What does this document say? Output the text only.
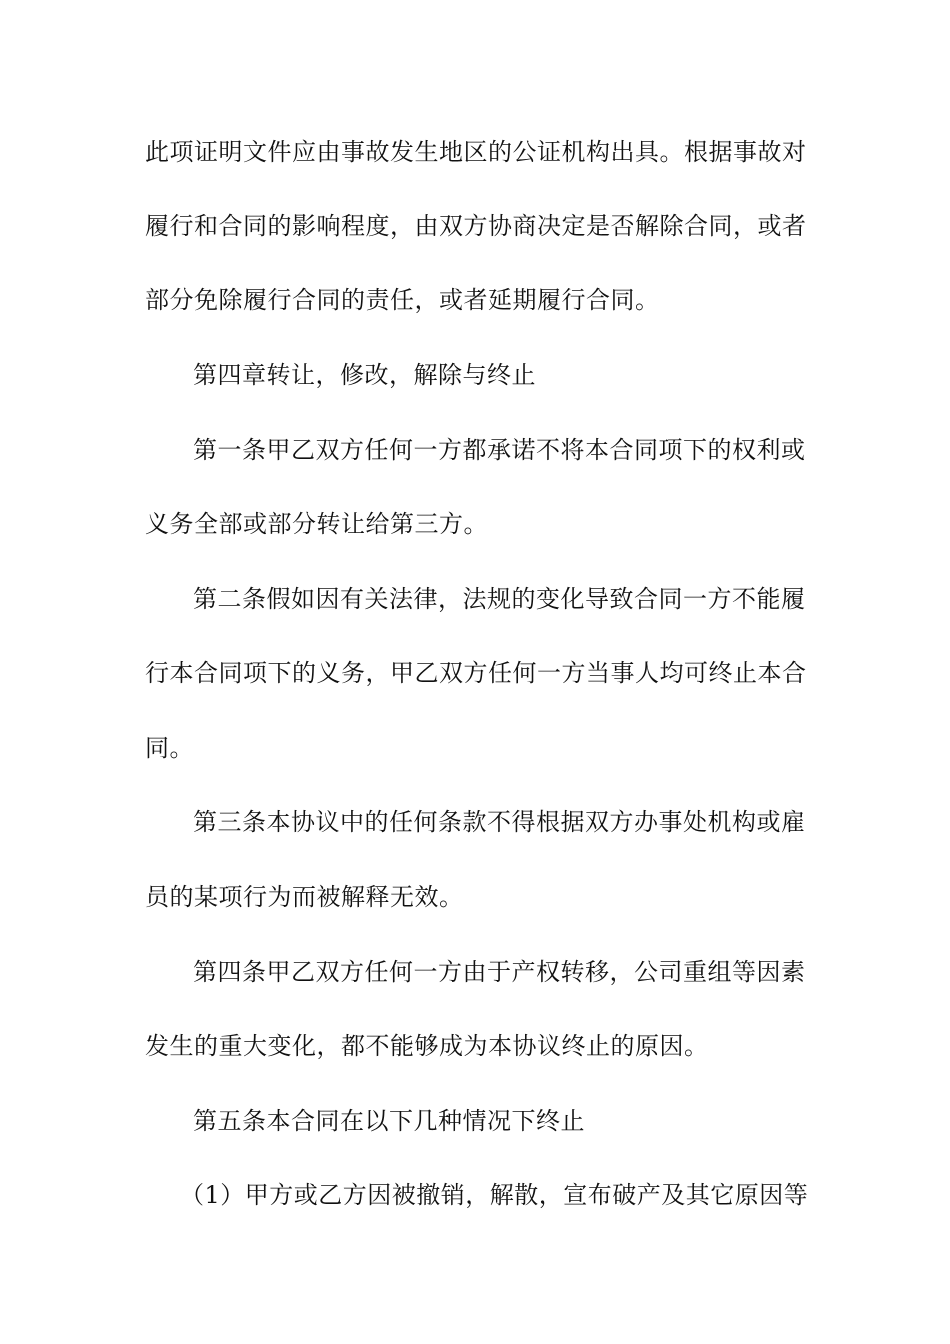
此项证明文件应由事故发生地区的公证机构出具。根据事故对
履行和合同的影响程度，由双方协商决定是否解除合同，或者
部分免除履行合同的责任，或者延期履行合同。
第四章转让，修改，解除与终止
第一条甲乙双方任何一方都承诺不将本合同项下的权利或
义务全部或部分转让给第三方。
第二条假如因有关法律，法规的变化导致合同一方不能履
行本合同项下的义务，甲乙双方任何一方当事人均可终止本合
同。
第三条本协议中的任何条款不得根据双方办事处机构或雇
员的某项行为而被解释无效。
第四条甲乙双方任何一方由于产权转移，公司重组等因素
发生的重大变化，都不能够成为本协议终止的原因。
第五条本合同在以下几种情况下终止
（1）甲方或乙方因被撤销，解散，宣布破产及其它原因等
